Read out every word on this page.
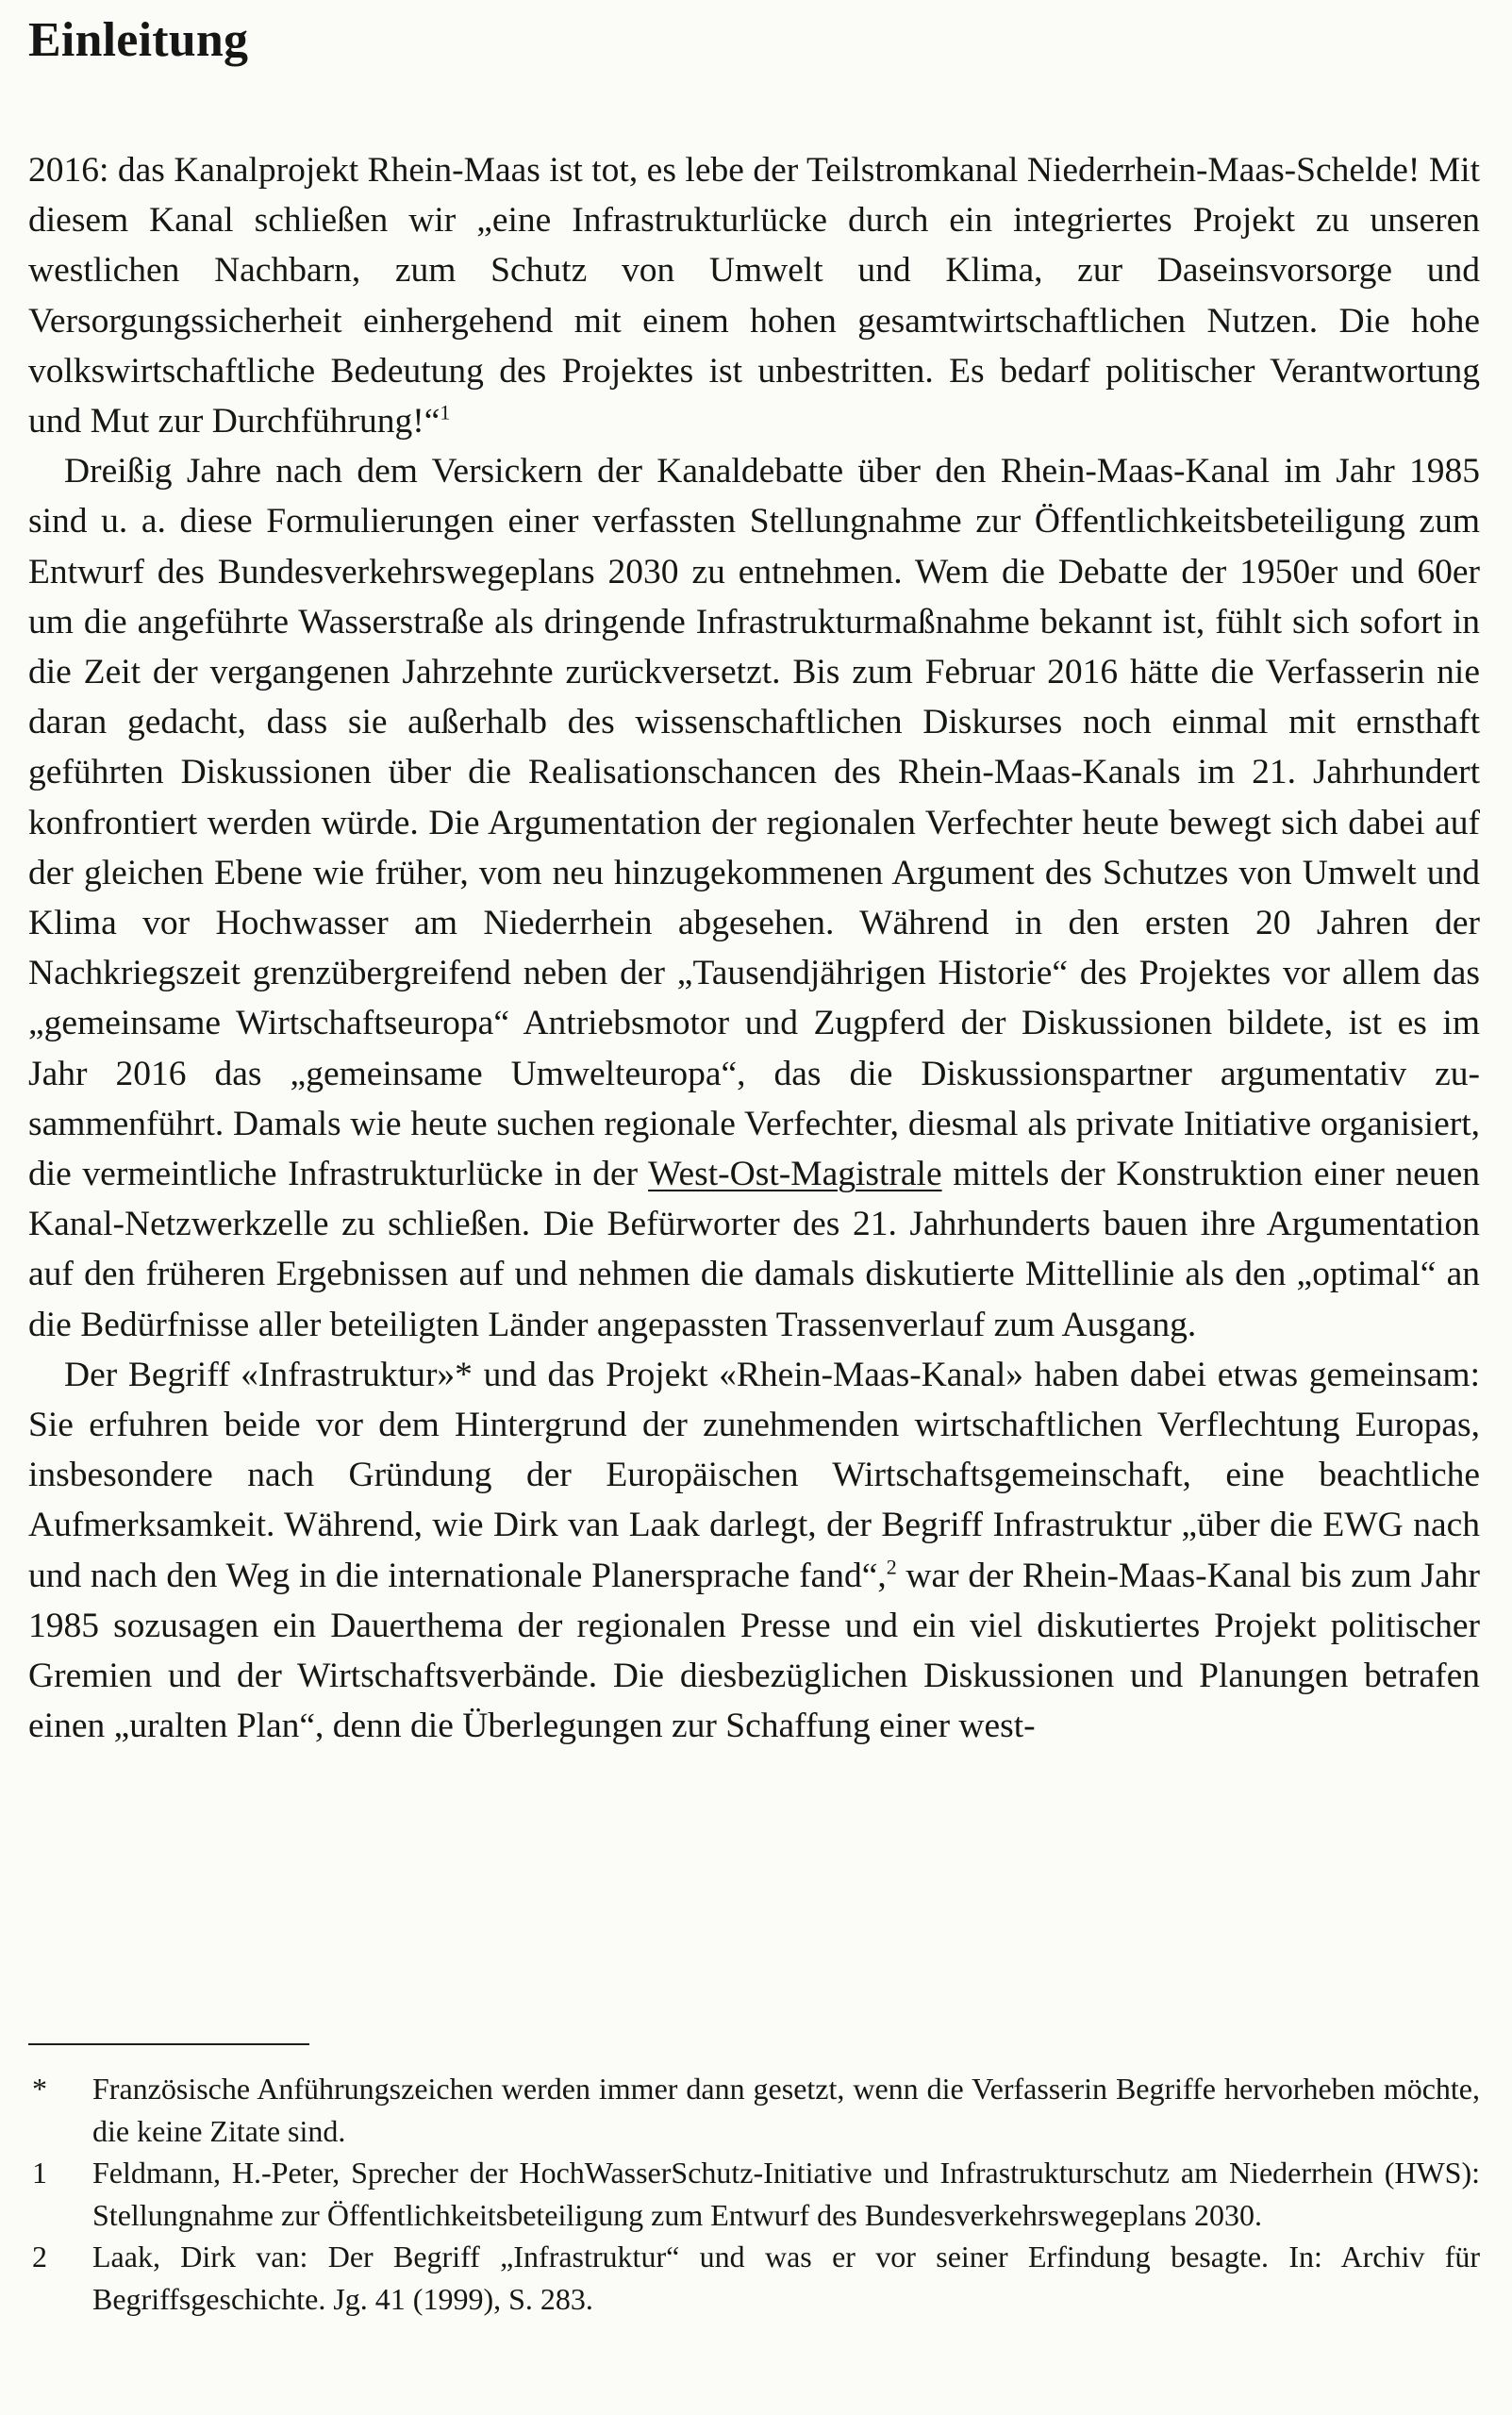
Einleitung

2016: das Kanalprojekt Rhein-Maas ist tot, es lebe der Teilstromkanal Niederrhein-Maas-Schelde! Mit diesem Kanal schließen wir „eine Infrastrukturlücke durch ein integriertes Projekt zu unseren westlichen Nachbarn, zum Schutz von Umwelt und Klima, zur Daseinsvorsorge und Versorgungssicherheit einhergehend mit einem hohen gesamtwirtschaftlichen Nutzen. Die hohe volkswirtschaftliche Bedeutung des Projektes ist unbestritten. Es bedarf politischer Verantwortung und Mut zur Durchführung!“$^1$

Dreißig Jahre nach dem Versickern der Kanaldebatte über den Rhein-Maas-Kanal im Jahr 1985 sind u. a. diese Formulierungen einer verfassten Stellungnahme zur Öffentlichkeitsbeteiligung zum Entwurf des Bundesverkehrswegeplans 2030 zu entnehmen. Wem die Debatte der 1950er und 60er um die angeführte Wasserstraße als dringende Infrastrukturmaßnahme bekannt ist, fühlt sich sofort in die Zeit der vergangenen Jahrzehnte zurückversetzt. Bis zum Februar 2016 hätte die Verfasserin nie daran gedacht, dass sie außerhalb des wissenschaftlichen Diskurses noch einmal mit ernsthaft geführten Diskussionen über die Realisationschancen des Rhein-Maas-Kanals im 21. Jahrhundert konfrontiert werden würde. Die Argumentation der regionalen Verfechter heute bewegt sich dabei auf der gleichen Ebene wie früher, vom neu hinzugekommenen Argument des Schutzes von Umwelt und Klima vor Hochwasser am Niederrhein abgesehen. Während in den ersten 20 Jahren der Nachkriegszeit grenzübergreifend neben der „Tausendjährigen Historie“ des Projektes vor allem das „gemeinsame Wirtschaftseuropa“ Antriebsmotor und Zugpferd der Diskussionen bildete, ist es im Jahr 2016 das „gemeinsame Umwelteuropa“, das die Diskussionspartner argumentativ zusammenführt. Damals wie heute suchen regionale Verfechter, diesmal als private Initiative organisiert, die vermeintliche Infrastrukturlücke in der West-Ost-Magistrale mittels der Konstruktion einer neuen Kanal-Netzwerkzelle zu schließen. Die Befürworter des 21. Jahrhunderts bauen ihre Argumentation auf den früheren Ergebnissen auf und nehmen die damals diskutierte Mittellinie als den „optimal“ an die Bedürfnisse aller beteiligten Länder angepassten Trassenverlauf zum Ausgang.

Der Begriff «Infrastruktur»* und das Projekt «Rhein-Maas-Kanal» haben dabei etwas gemeinsam: Sie erfuhren beide vor dem Hintergrund der zunehmenden wirtschaftlichen Verflechtung Europas, insbesondere nach Gründung der Europäischen Wirtschaftsgemeinschaft, eine beachtliche Aufmerksamkeit. Während, wie Dirk van Laak darlegt, der Begriff Infrastruktur „über die EWG nach und nach den Weg in die internationale Planersprache fand“,$^2$ war der Rhein-Maas-Kanal bis zum Jahr 1985 sozusagen ein Dauerthema der regionalen Presse und ein viel diskutiertes Projekt politischer Gremien und der Wirtschaftsverbände. Die diesbezüglichen Diskussionen und Planungen betrafen einen „uralten Plan“, denn die Überlegungen zur Schaffung einer west-

*	Französische Anführungszeichen werden immer dann gesetzt, wenn die Verfasserin Begriffe hervorheben möchte, die keine Zitate sind.
1	Feldmann, H.-Peter, Sprecher der HochWasserSchutz-Initiative und Infrastrukturschutz am Niederrhein (HWS): Stellungnahme zur Öffentlichkeitsbeteiligung zum Entwurf des Bundesverkehrswegeplans 2030.
2	Laak, Dirk van: Der Begriff „Infrastruktur“ und was er vor seiner Erfindung besagte. In: Archiv für Begriffsgeschichte. Jg. 41 (1999), S. 283.
